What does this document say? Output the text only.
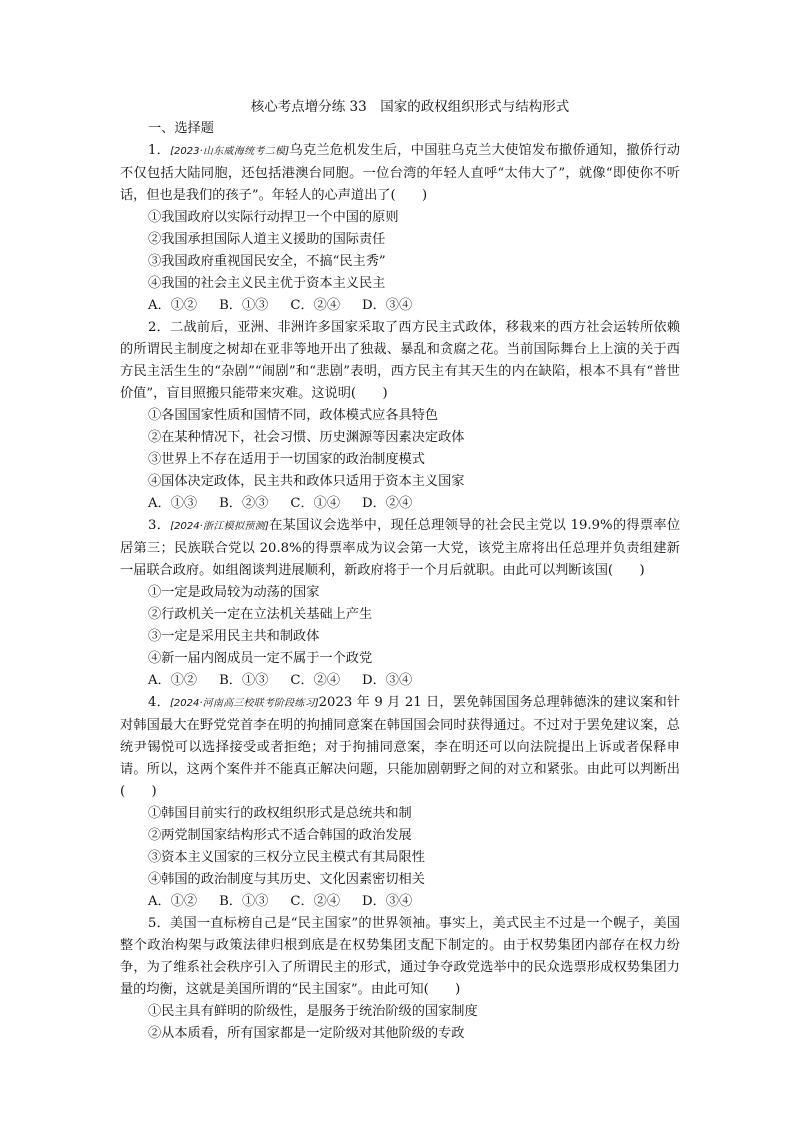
核心考点增分练 33　国家的政权组织形式与结构形式

一、选择题

1．[2023·山东威海统考二模]乌克兰危机发生后，中国驻乌克兰大使馆发布撤侨通知，撤侨行动不仅包括大陆同胞，还包括港澳台同胞。一位台湾的年轻人直呼“太伟大了”，就像“即使你不听话，但也是我们的孩子”。年轻人的心声道出了(　　)

①我国政府以实际行动捍卫一个中国的原则
②我国承担国际人道主义援助的国际责任
③我国政府重视国民安全，不搞“民主秀”
④我国的社会主义民主优于资本主义民主
A．①② B．①③ C．②④ D．③④

2．二战前后，亚洲、非洲许多国家采取了西方民主式政体，移栽来的西方社会运转所依赖的所谓民主制度之树却在亚非等地开出了独裁、暴乱和贪腐之花。当前国际舞台上上演的关于西方民主活生生的“杂剧”“闹剧”和“悲剧”表明，西方民主有其天生的内在缺陷，根本不具有“普世价值”，盲目照搬只能带来灾难。这说明(　　)

①各国国家性质和国情不同，政体模式应各具特色
②在某种情况下，社会习惯、历史渊源等因素决定政体
③世界上不存在适用于一切国家的政治制度模式
④国体决定政体，民主共和政体只适用于资本主义国家
A．①③ B．②③ C．①④ D．②④

3．[2024·浙江模拟预测]在某国议会选举中，现任总理领导的社会民主党以 19.9%的得票率位居第三；民族联合党以 20.8%的得票率成为议会第一大党，该党主席将出任总理并负责组建新一届联合政府。如组阁谈判进展顺利，新政府将于一个月后就职。由此可以判断该国(　　)

①一定是政局较为动荡的国家
②行政机关一定在立法机关基础上产生
③一定是采用民主共和制政体
④新一届内阁成员一定不属于一个政党
A．①② B．①③ C．②④ D．③④

4．[2024·河南高三校联考阶段练习]2023 年 9 月 21 日，罢免韩国国务总理韩德洙的建议案和针对韩国最大在野党党首李在明的拘捕同意案在韩国国会同时获得通过。不过对于罢免建议案，总统尹锡悦可以选择接受或者拒绝；对于拘捕同意案，李在明还可以向法院提出上诉或者保释申请。所以，这两个案件并不能真正解决问题，只能加剧朝野之间的对立和紧张。由此可以判断出(　　)

①韩国目前实行的政权组织形式是总统共和制
②两党制国家结构形式不适合韩国的政治发展
③资本主义国家的三权分立民主模式有其局限性
④韩国的政治制度与其历史、文化因素密切相关
A．①② B．①③ C．②④ D．③④

5．美国一直标榜自己是“民主国家”的世界领袖。事实上，美式民主不过是一个幌子，美国整个政治构架与政策法律归根到底是在权势集团支配下制定的。由于权势集团内部存在权力纷争，为了维系社会秩序引入了所谓民主的形式，通过争夺政党选举中的民众选票形成权势集团力量的均衡，这就是美国所谓的“民主国家”。由此可知(　　)

①民主具有鲜明的阶级性，是服务于统治阶级的国家制度
②从本质看，所有国家都是一定阶级对其他阶级的专政
